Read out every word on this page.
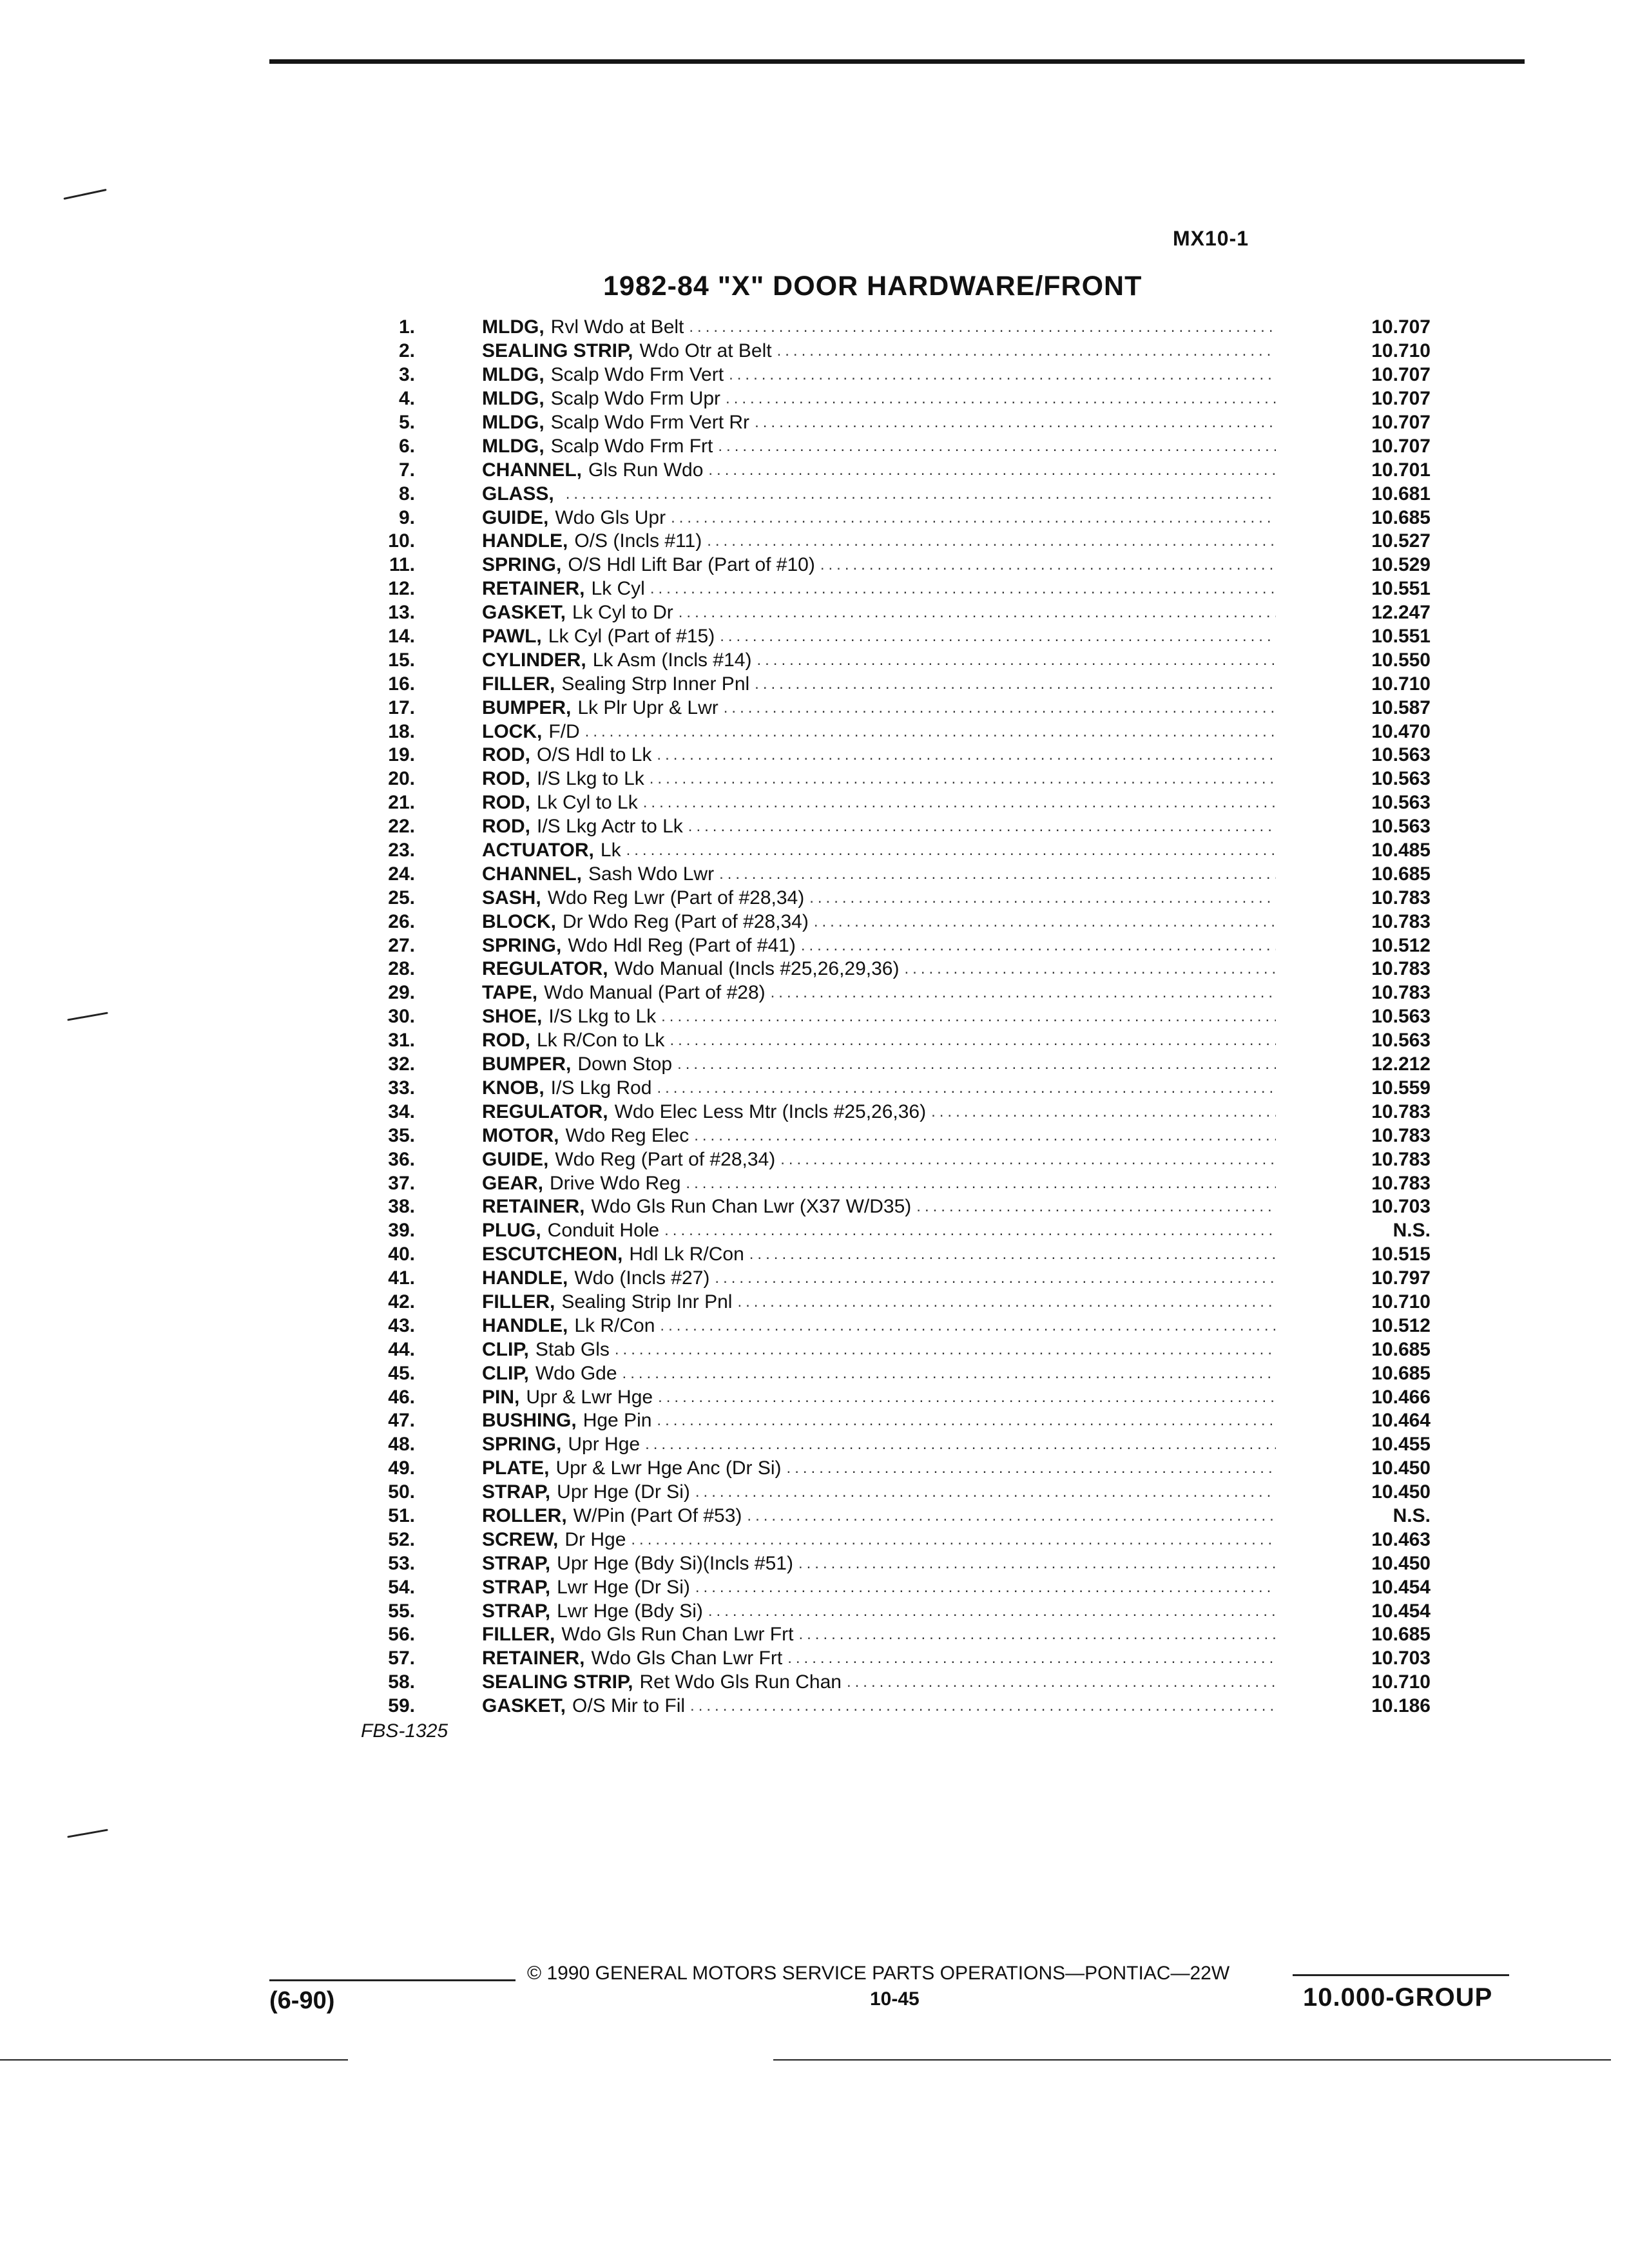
MX10-1
1982-84 "X" DOOR HARDWARE/FRONT
1.	MLDG, Rvl Wdo at Belt .....	10.707
2.	SEALING STRIP, Wdo Otr at Belt .....	10.710
3.	MLDG, Scalp Wdo Frm Vert .....	10.707
4.	MLDG, Scalp Wdo Frm Upr .....	10.707
5.	MLDG, Scalp Wdo Frm Vert Rr .....	10.707
6.	MLDG, Scalp Wdo Frm Frt .....	10.707
7.	CHANNEL, Gls Run Wdo .....	10.701
8.	GLASS, .....	10.681
9.	GUIDE, Wdo Gls Upr .....	10.685
10.	HANDLE, O/S (Incls #11) .....	10.527
11.	SPRING, O/S Hdl Lift Bar (Part of #10) .....	10.529
12.	RETAINER, Lk Cyl .....	10.551
13.	GASKET, Lk Cyl to Dr .....	12.247
14.	PAWL, Lk Cyl (Part of #15) .....	10.551
15.	CYLINDER, Lk Asm (Incls #14) .....	10.550
16.	FILLER, Sealing Strp Inner Pnl .....	10.710
17.	BUMPER, Lk Plr Upr & Lwr .....	10.587
18.	LOCK, F/D .....	10.470
19.	ROD, O/S Hdl to Lk .....	10.563
20.	ROD, I/S Lkg to Lk .....	10.563
21.	ROD, Lk Cyl to Lk .....	10.563
22.	ROD, I/S Lkg Actr to Lk .....	10.563
23.	ACTUATOR, Lk .....	10.485
24.	CHANNEL, Sash Wdo Lwr .....	10.685
25.	SASH, Wdo Reg Lwr (Part of #28,34) .....	10.783
26.	BLOCK, Dr Wdo Reg (Part of #28,34) .....	10.783
27.	SPRING, Wdo Hdl Reg (Part of #41) .....	10.512
28.	REGULATOR, Wdo Manual (Incls #25,26,29,36) .....	10.783
29.	TAPE, Wdo Manual (Part of #28) .....	10.783
30.	SHOE, I/S Lkg to Lk .....	10.563
31.	ROD, Lk R/Con to Lk .....	10.563
32.	BUMPER, Down Stop .....	12.212
33.	KNOB, I/S Lkg Rod .....	10.559
34.	REGULATOR, Wdo Elec Less Mtr (Incls #25,26,36) .....	10.783
35.	MOTOR, Wdo Reg Elec .....	10.783
36.	GUIDE, Wdo Reg (Part of #28,34) .....	10.783
37.	GEAR, Drive Wdo Reg .....	10.783
38.	RETAINER, Wdo Gls Run Chan Lwr (X37 W/D35) .....	10.703
39.	PLUG, Conduit Hole .....	N.S.
40.	ESCUTCHEON, Hdl Lk R/Con .....	10.515
41.	HANDLE, Wdo (Incls #27) .....	10.797
42.	FILLER, Sealing Strip Inr Pnl .....	10.710
43.	HANDLE, Lk R/Con .....	10.512
44.	CLIP, Stab Gls .....	10.685
45.	CLIP, Wdo Gde .....	10.685
46.	PIN, Upr & Lwr Hge .....	10.466
47.	BUSHING, Hge Pin .....	10.464
48.	SPRING, Upr Hge .....	10.455
49.	PLATE, Upr & Lwr Hge Anc (Dr Si) .....	10.450
50.	STRAP, Upr Hge (Dr Si) .....	10.450
51.	ROLLER, W/Pin (Part Of #53) .....	N.S.
52.	SCREW, Dr Hge .....	10.463
53.	STRAP, Upr Hge (Bdy Si)(Incls #51) .....	10.450
54.	STRAP, Lwr Hge (Dr Si) .....	10.454
55.	STRAP, Lwr Hge (Bdy Si) .....	10.454
56.	FILLER, Wdo Gls Run Chan Lwr Frt .....	10.685
57.	RETAINER, Wdo Gls Chan Lwr Frt .....	10.703
58.	SEALING STRIP, Ret Wdo Gls Run Chan .....	10.710
59.	GASKET, O/S Mir to Fil .....	10.186
FBS-1325
© 1990 GENERAL MOTORS SERVICE PARTS OPERATIONS—PONTIAC—22W
10-45
(6-90)	10.000-GROUP
